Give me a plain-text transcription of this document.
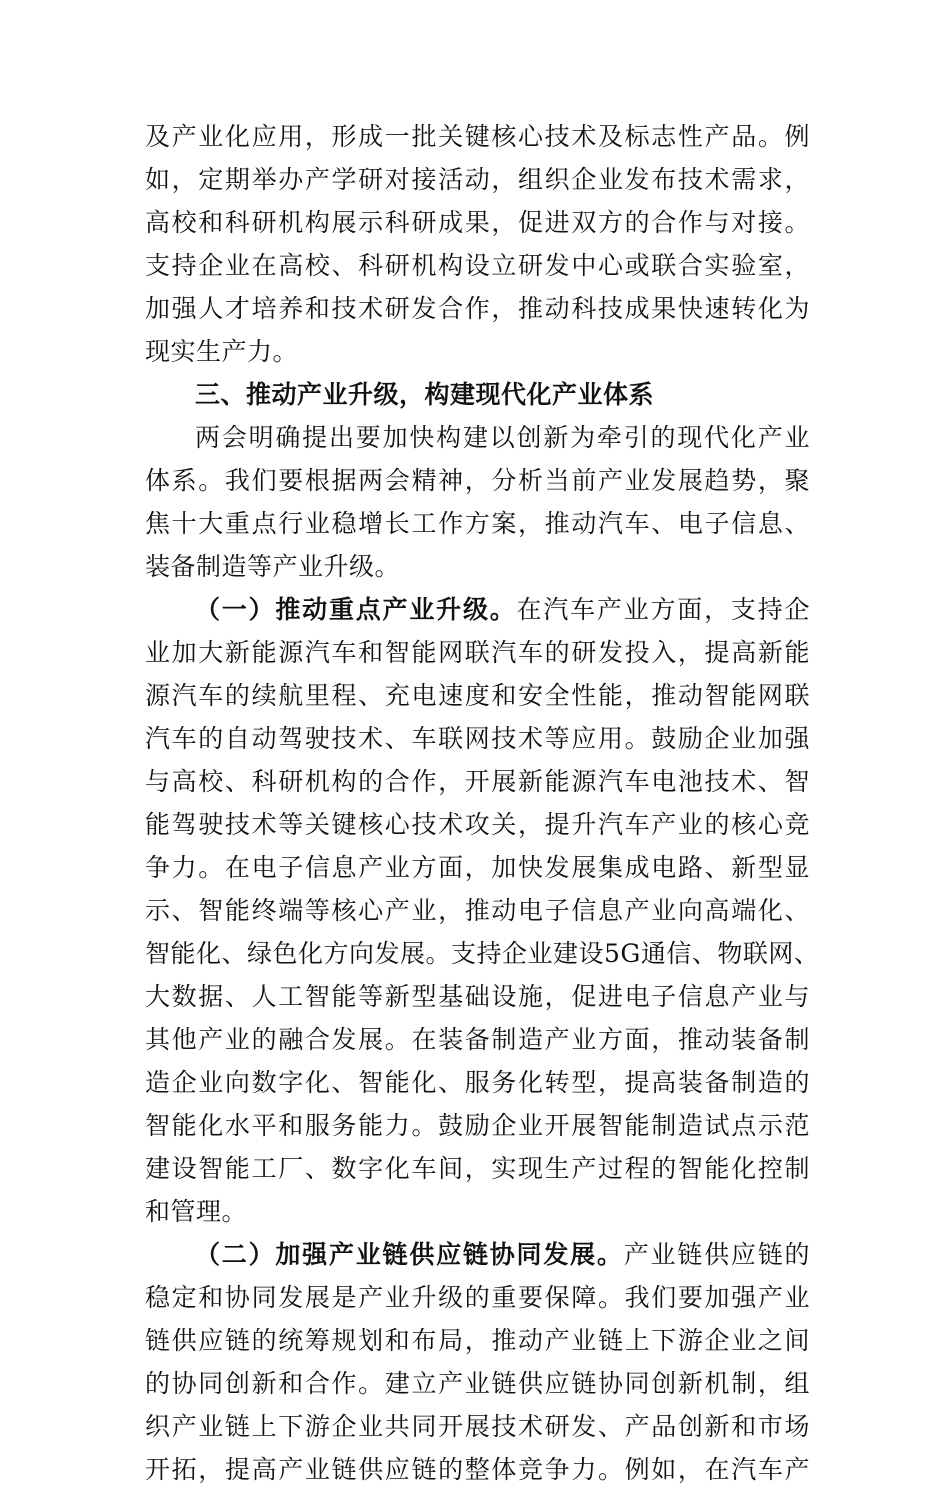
及产业化应用，形成一批关键核心技术及标志性产品。例
如，定期举办产学研对接活动，组织企业发布技术需求，
高校和科研机构展示科研成果，促进双方的合作与对接。
支持企业在高校、科研机构设立研发中心或联合实验室，
加强人才培养和技术研发合作，推动科技成果快速转化为
现实生产力。
三、推动产业升级，构建现代化产业体系
两会明确提出要加快构建以创新为牵引的现代化产业
体系。我们要根据两会精神，分析当前产业发展趋势，聚
焦十大重点行业稳增长工作方案，推动汽车、电子信息、
装备制造等产业升级。
（一）推动重点产业升级。在汽车产业方面，支持企
业加大新能源汽车和智能网联汽车的研发投入，提高新能
源汽车的续航里程、充电速度和安全性能，推动智能网联
汽车的自动驾驶技术、车联网技术等应用。鼓励企业加强
与高校、科研机构的合作，开展新能源汽车电池技术、智
能驾驶技术等关键核心技术攻关，提升汽车产业的核心竞
争力。在电子信息产业方面，加快发展集成电路、新型显
示、智能终端等核心产业，推动电子信息产业向高端化、
智能化、绿色化方向发展。支持企业建设5G通信、物联网、
大数据、人工智能等新型基础设施，促进电子信息产业与
其他产业的融合发展。在装备制造产业方面，推动装备制
造企业向数字化、智能化、服务化转型，提高装备制造的
智能化水平和服务能力。鼓励企业开展智能制造试点示范
建设智能工厂、数字化车间，实现生产过程的智能化控制
和管理。
（二）加强产业链供应链协同发展。产业链供应链的
稳定和协同发展是产业升级的重要保障。我们要加强产业
链供应链的统筹规划和布局，推动产业链上下游企业之间
的协同创新和合作。建立产业链供应链协同创新机制，组
织产业链上下游企业共同开展技术研发、产品创新和市场
开拓，提高产业链供应链的整体竞争力。例如，在汽车产
